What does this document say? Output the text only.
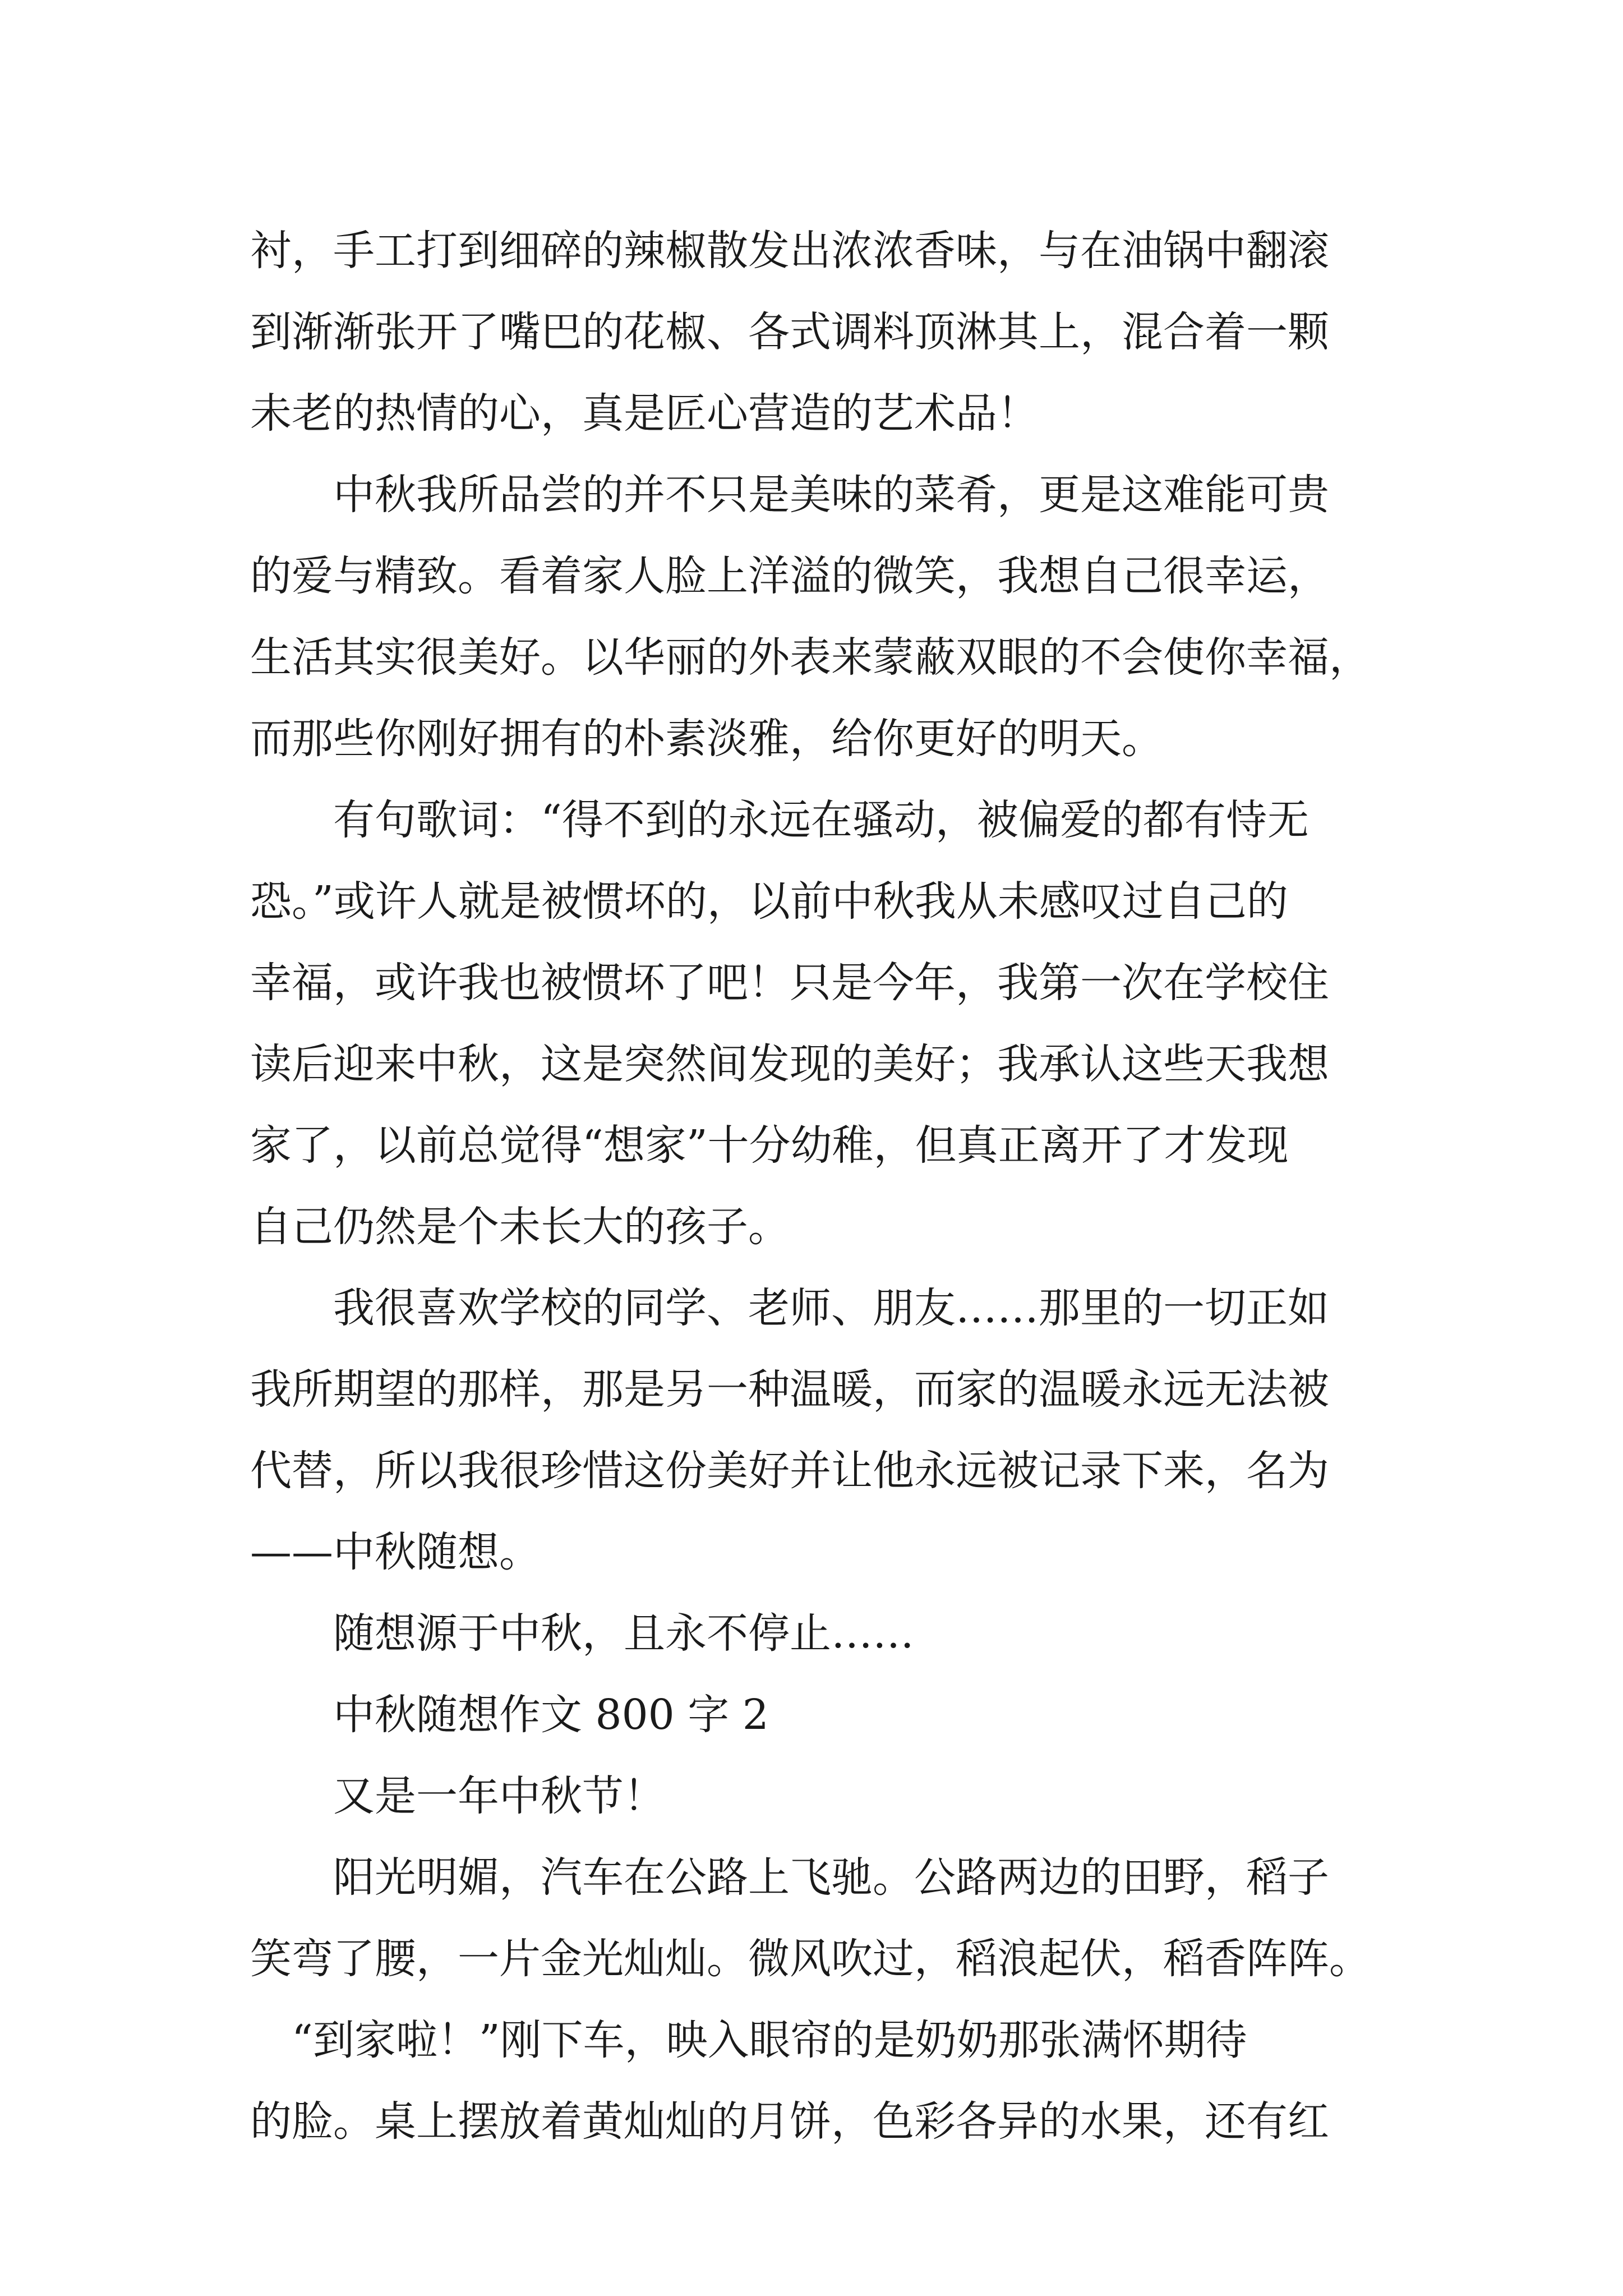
衬，手工打到细碎的辣椒散发出浓浓香味，与在油锅中翻滚
到渐渐张开了嘴巴的花椒、各式调料顶淋其上，混合着一颗
未老的热情的心，真是匠心营造的艺术品！
　　中秋我所品尝的并不只是美味的菜肴，更是这难能可贵
的爱与精致。看着家人脸上洋溢的微笑，我想自己很幸运，
生活其实很美好。以华丽的外表来蒙蔽双眼的不会使你幸福，
而那些你刚好拥有的朴素淡雅，给你更好的明天。
　　有句歌词：“得不到的永远在骚动，被偏爱的都有恃无
恐。”或许人就是被惯坏的，以前中秋我从未感叹过自己的
幸福，或许我也被惯坏了吧！只是今年，我第一次在学校住
读后迎来中秋，这是突然间发现的美好；我承认这些天我想
家了，以前总觉得“想家”十分幼稚，但真正离开了才发现
自己仍然是个未长大的孩子。
　　我很喜欢学校的同学、老师、朋友……那里的一切正如
我所期望的那样，那是另一种温暖，而家的温暖永远无法被
代替，所以我很珍惜这份美好并让他永远被记录下来，名为
——中秋随想。
　　随想源于中秋，且永不停止……
　　中秋随想作文 800 字 2
　　又是一年中秋节！
　　阳光明媚，汽车在公路上飞驰。公路两边的田野，稻子
笑弯了腰，一片金光灿灿。微风吹过，稻浪起伏，稻香阵阵。
　“到家啦！”刚下车，映入眼帘的是奶奶那张满怀期待
的脸。桌上摆放着黄灿灿的月饼，色彩各异的水果，还有红
